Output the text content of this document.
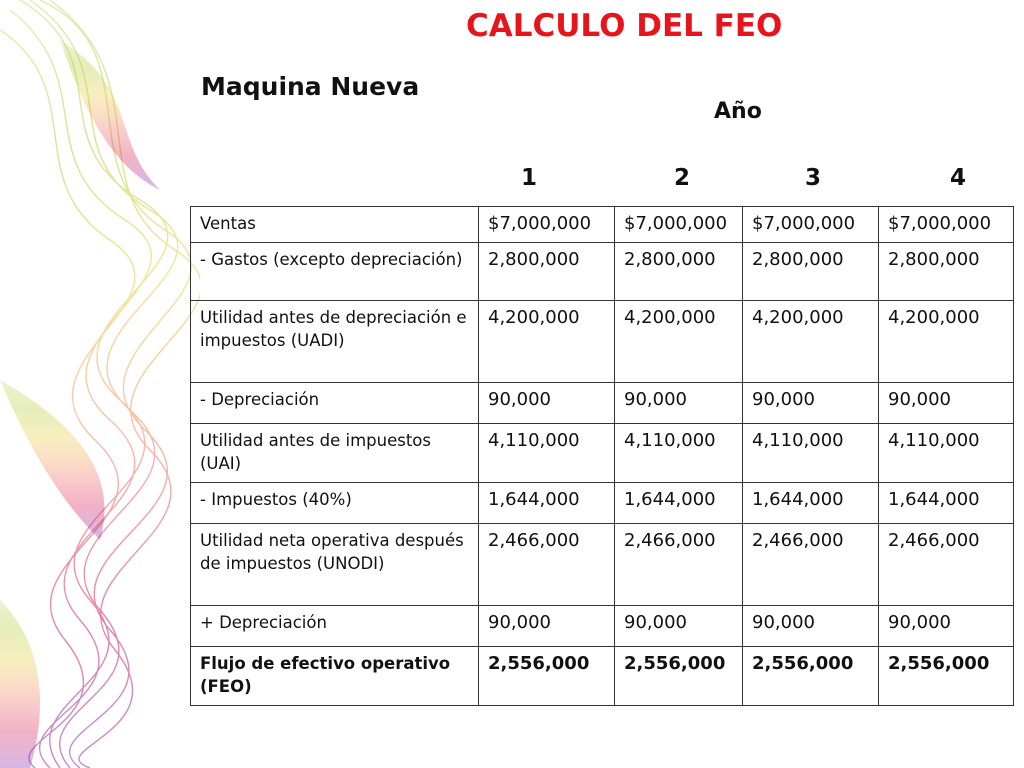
CALCULO DEL FEO
Maquina Nueva
Año
1	2	3	4
Ventas	$7,000,000	$7,000,000	$7,000,000	$7,000,000
- Gastos (excepto depreciación)	2,800,000	2,800,000	2,800,000	2,800,000
Utilidad antes de depreciación e impuestos (UADI)	4,200,000	4,200,000	4,200,000	4,200,000
- Depreciación	90,000	90,000	90,000	90,000
Utilidad antes de impuestos (UAI)	4,110,000	4,110,000	4,110,000	4,110,000
- Impuestos (40%)	1,644,000	1,644,000	1,644,000	1,644,000
Utilidad neta operativa después de impuestos (UNODI)	2,466,000	2,466,000	2,466,000	2,466,000
+ Depreciación	90,000	90,000	90,000	90,000
Flujo de efectivo operativo (FEO)	2,556,000	2,556,000	2,556,000	2,556,000
